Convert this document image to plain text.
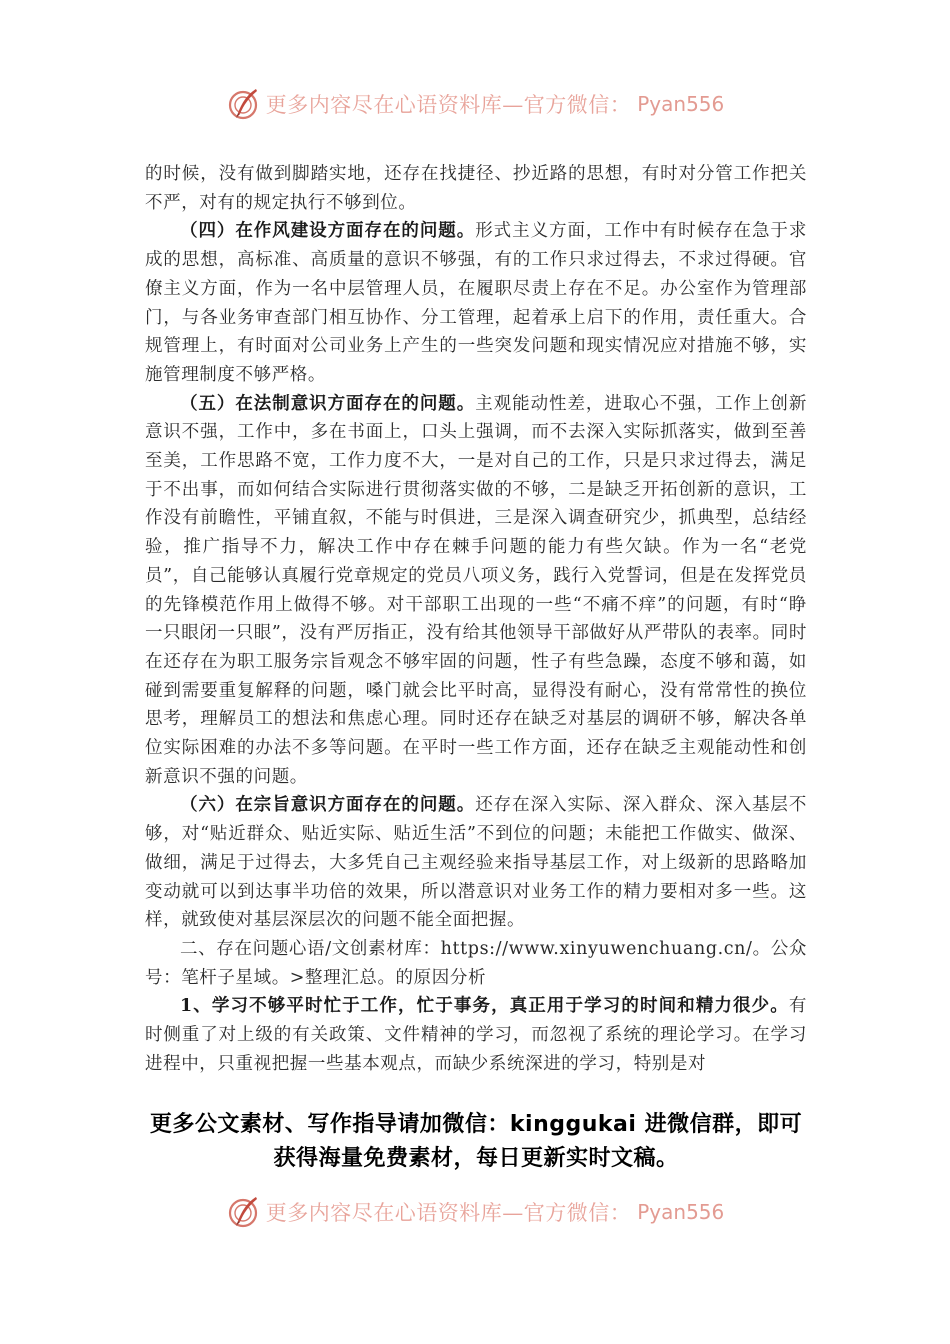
更多内容尽在心语资料库—官方微信： Pyan556

的时候，没有做到脚踏实地，还存在找捷径、抄近路的思想，有时对分管工作把关不严，对有的规定执行不够到位。

（四）在作风建设方面存在的问题。形式主义方面，工作中有时候存在急于求成的思想，高标准、高质量的意识不够强，有的工作只求过得去，不求过得硬。官僚主义方面，作为一名中层管理人员，在履职尽责上存在不足。办公室作为管理部门，与各业务审查部门相互协作、分工管理，起着承上启下的作用，责任重大。合规管理上，有时面对公司业务上产生的一些突发问题和现实情况应对措施不够，实施管理制度不够严格。

（五）在法制意识方面存在的问题。主观能动性差，进取心不强，工作上创新意识不强，工作中，多在书面上，口头上强调，而不去深入实际抓落实，做到至善至美，工作思路不宽，工作力度不大，一是对自己的工作，只是只求过得去，满足于不出事，而如何结合实际进行贯彻落实做的不够，二是缺乏开拓创新的意识，工作没有前瞻性，平铺直叙，不能与时俱进，三是深入调查研究少，抓典型，总结经验，推广指导不力，解决工作中存在棘手问题的能力有些欠缺。作为一名“老党员”，自己能够认真履行党章规定的党员八项义务，践行入党誓词，但是在发挥党员的先锋模范作用上做得不够。对干部职工出现的一些“不痛不痒”的问题，有时“睁一只眼闭一只眼”，没有严厉指正，没有给其他领导干部做好从严带队的表率。同时在还存在为职工服务宗旨观念不够牢固的问题，性子有些急躁，态度不够和蔼，如碰到需要重复解释的问题，嗓门就会比平时高，显得没有耐心，没有常常性的换位思考，理解员工的想法和焦虑心理。同时还存在缺乏对基层的调研不够，解决各单位实际困难的办法不多等问题。在平时一些工作方面，还存在缺乏主观能动性和创新意识不强的问题。

（六）在宗旨意识方面存在的问题。还存在深入实际、深入群众、深入基层不够，对“贴近群众、贴近实际、贴近生活”不到位的问题；未能把工作做实、做深、做细，满足于过得去，大多凭自己主观经验来指导基层工作，对上级新的思路略加变动就可以到达事半功倍的效果，所以潜意识对业务工作的精力要相对多一些。这样，就致使对基层深层次的问题不能全面把握。

二、存在问题心语/文创素材库：https://www.xinyuwenchuang.cn/。公众号：笔杆子星域。>整理汇总。的原因分析

1、学习不够平时忙于工作，忙于事务，真正用于学习的时间和精力很少。有时侧重了对上级的有关政策、文件精神的学习，而忽视了系统的理论学习。在学习进程中，只重视把握一些基本观点，而缺少系统深进的学习，特别是对

更多公文素材、写作指导请加微信：kinggukai 进微信群，即可
获得海量免费素材，每日更新实时文稿。
更多内容尽在心语资料库—官方微信： Pyan556
